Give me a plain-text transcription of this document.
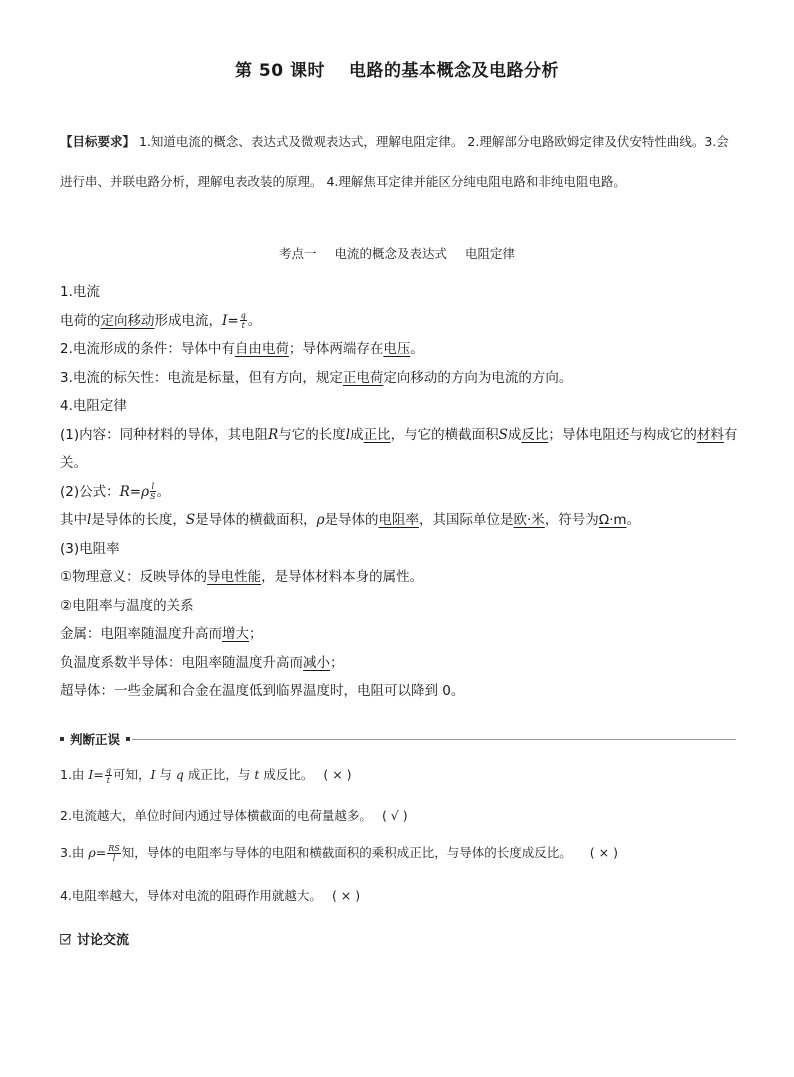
第 50 课时 电路的基本概念及电路分析
【目标要求】 1.知道电流的概念、表达式及微观表达式，理解电阻定律。 2.理解部分电路欧姆定律及伏安特性曲线。3.会进行串、并联电路分析，理解电表改装的原理。 4.理解焦耳定律并能区分纯电阻电路和非纯电阻电路。
考点一 电流的概念及表达式 电阻定律
1.电流
电荷的定向移动形成电流，$I= \frac{q}{t}$ 。
2.电流形成的条件：导体中有自由电荷；导体两端存在电压。
3.电流的标矢性：电流是标量，但有方向，规定正电荷定向移动的方向为电流的方向。
4.电阻定律
(1)内容：同种材料的导体，其电阻R与它的长度l成正比，与它的横截面积S成反比；导体电阻还与构成它的材料有关。
(2)公式：$R=\rho \frac{l}{S}$ 。
其中l是导体的长度，S是导体的横截面积，ρ是导体的电阻率，其国际单位是欧·米，符号为Ω·m。
(3)电阻率
①物理意义：反映导体的导电性能，是导体材料本身的属性。
②电阻率与温度的关系
金属：电阻率随温度升高而增大；
负温度系数半导体：电阻率随温度升高而减小；
超导体：一些金属和合金在温度低到临界温度时，电阻可以降到 0。
判断正误
1.由 $I= \frac{q}{t}$ 可知，I 与 q 成正比，与 t 成反比。 ( × )
2.电流越大，单位时间内通过导体横截面的电荷量越多。 ( √ )
3.由 $\rho= \frac{RS}{l}$ 知，导体的电阻率与导体的电阻和横截面积的乘积成正比，与导体的长度成反比。 ( × )
4.电阻率越大，导体对电流的阻碍作用就越大。 ( × )
讨论交流
